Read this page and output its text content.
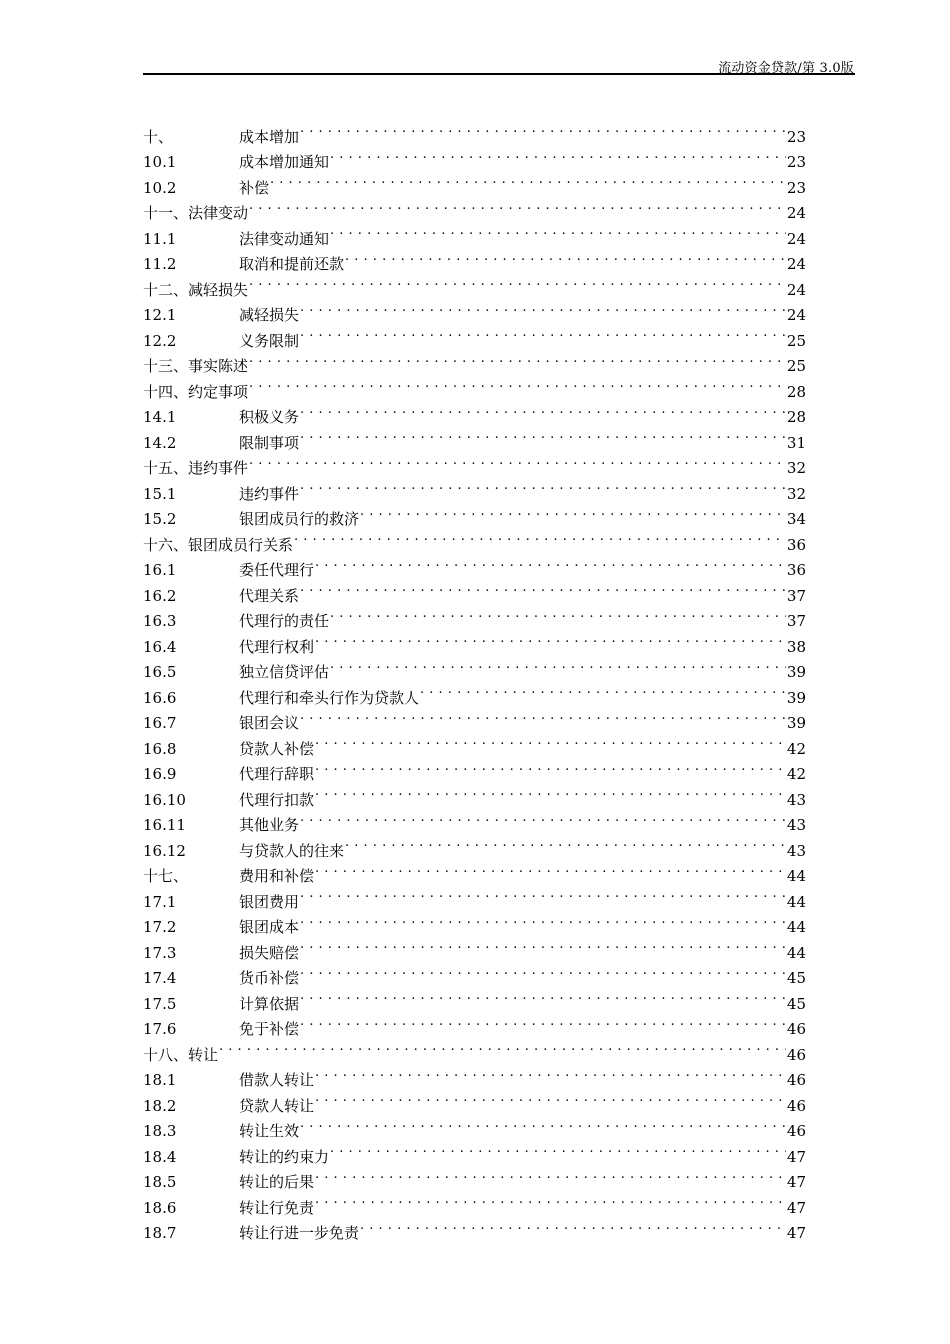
流动资金贷款/第 3.0版
十、	成本增加 . . .	23
10.1	成本增加通知 . . .	23
10.2	补偿 . . .	23
十一、 法律变动 . . .	24
11.1	法律变动通知 . . .	24
11.2	取消和提前还款 . . .	24
十二、 减轻损失 . . .	24
12.1	减轻损失 . . .	24
12.2	义务限制 . . .	25
十三、 事实陈述 . . .	25
十四、 约定事项 . . .	28
14.1	积极义务 . . .	28
14.2	限制事项 . . .	31
十五、 违约事件 . . .	32
15.1	违约事件 . . .	32
15.2	银团成员行的救济 . . .	34
十六、 银团成员行关系 . . .	36
16.1	委任代理行 . . .	36
16.2	代理关系 . . .	37
16.3	代理行的责任 . . .	37
16.4	代理行权利 . . .	38
16.5	独立信贷评估 . . .	39
16.6	代理行和牵头行作为贷款人 . . .	39
16.7	银团会议 . . .	39
16.8	贷款人补偿 . . .	42
16.9	代理行辞职 . . .	42
16.10	代理行扣款 . . .	43
16.11	其他业务 . . .	43
16.12	与贷款人的往来 . . .	43
十七、	费用和补偿 . . .	44
17.1	银团费用 . . .	44
17.2	银团成本 . . .	44
17.3	损失赔偿 . . .	44
17.4	货币补偿 . . .	45
17.5	计算依据 . . .	45
17.6	免于补偿 . . .	46
十八、 转让 . . .	46
18.1	借款人转让 . . .	46
18.2	贷款人转让 . . .	46
18.3	转让生效 . . .	46
18.4	转让的约束力 . . .	47
18.5	转让的后果 . . .	47
18.6	转让行免责 . . .	47
18.7	转让行进一步免责 . . .	47
